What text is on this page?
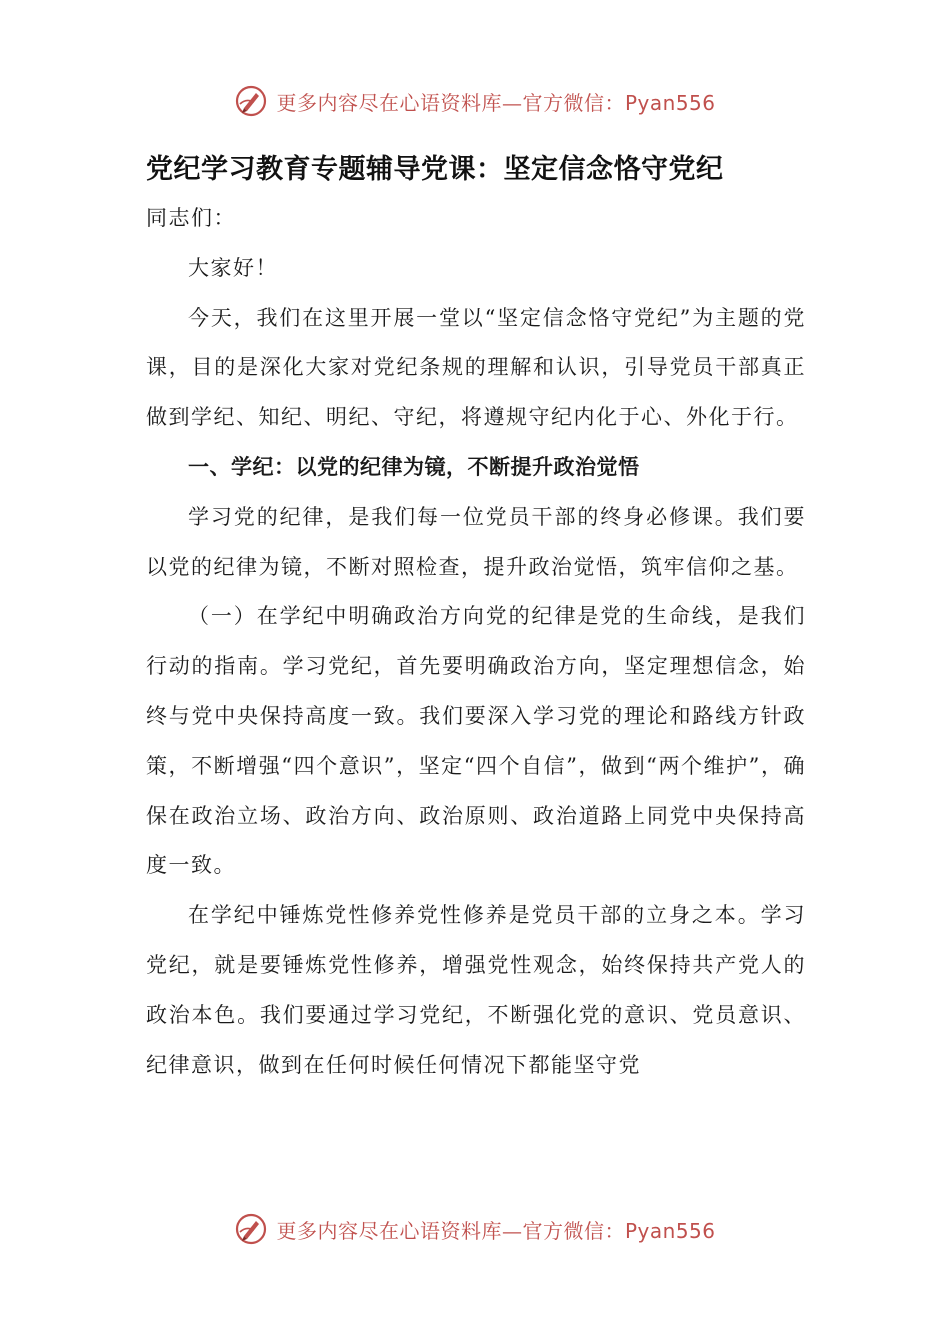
更多内容尽在心语资料库—官方微信：Pyan556
党纪学习教育专题辅导党课：坚定信念恪守党纪

同志们：

大家好！

今天，我们在这里开展一堂以“坚定信念恪守党纪”为主题的党课，目的是深化大家对党纪条规的理解和认识，引导党员干部真正做到学纪、知纪、明纪、守纪，将遵规守纪内化于心、外化于行。

一、学纪：以党的纪律为镜，不断提升政治觉悟

学习党的纪律，是我们每一位党员干部的终身必修课。我们要以党的纪律为镜，不断对照检查，提升政治觉悟，筑牢信仰之基。

（一）在学纪中明确政治方向党的纪律是党的生命线，是我们行动的指南。学习党纪，首先要明确政治方向，坚定理想信念，始终与党中央保持高度一致。我们要深入学习党的理论和路线方针政策，不断增强“四个意识”，坚定“四个自信”，做到“两个维护”，确保在政治立场、政治方向、政治原则、政治道路上同党中央保持高度一致。

在学纪中锤炼党性修养党性修养是党员干部的立身之本。学习党纪，就是要锤炼党性修养，增强党性观念，始终保持共产党人的政治本色。我们要通过学习党纪，不断强化党的意识、党员意识、纪律意识，做到在任何时候任何情况下都能坚守党

更多内容尽在心语资料库—官方微信：Pyan556
